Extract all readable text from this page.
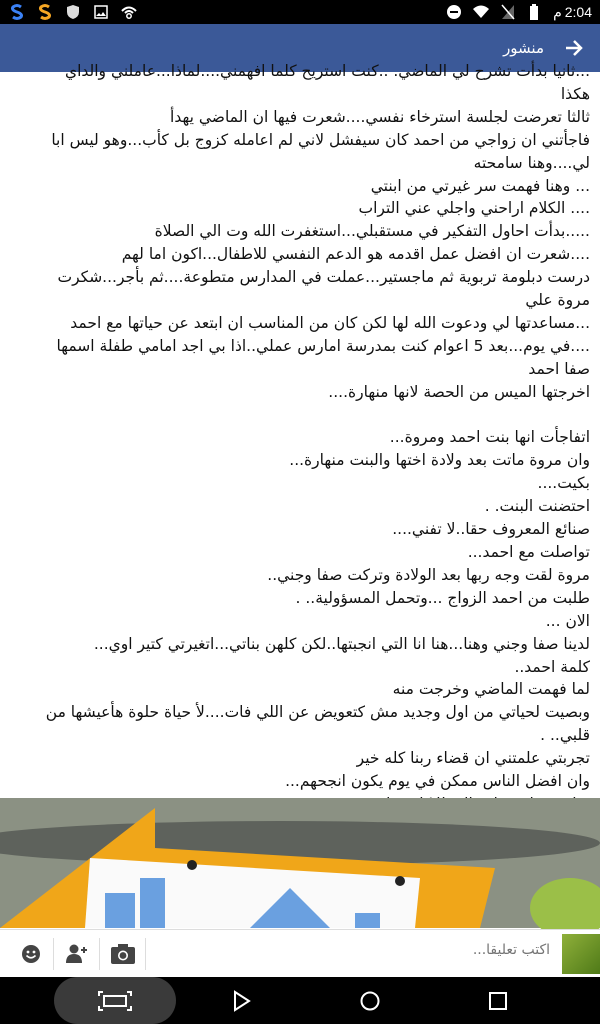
م 2:04
منشور
...ثانيا بدأت تشرح لي الماضي. ..كنت استريح كلما افهمني....لماذا...عاملني والداي هكذا
ثالثا تعرضت لجلسة استرخاء نفسي....شعرت فيها ان الماضي يهدأ
فاجأتني ان زواجي من احمد كان سيفشل لاني لم اعامله كزوج بل كأب...وهو ليس ابا لي....وهنا سامحته
... وهنا فهمت سر غيرتي من ابنتي
.... الكلام اراحني واجلي عني التراب
.....بدأت احاول التفكير في مستقبلي...استغفرت الله وت الي الصلاة
....شعرت ان افضل عمل اقدمه هو الدعم النفسي للاطفال...اكون اما لهم
درست دبلومة تربوية ثم ماجستير...عملت في المدارس متطوعة....ثم بأجر...شكرت مروة علي
...مساعدتها لي ودعوت الله لها لكن كان من المناسب ان ابتعد عن حياتها مع احمد
....في يوم...بعد 5 اعوام كنت بمدرسة امارس عملي..اذا بي اجد امامي طفلة اسمها صفا احمد
اخرجتها الميس من الحصة لانها منهارة....
اتفاجأت انها بنت احمد ومروة...
وان مروة ماتت بعد ولادة اختها والبنت منهارة...
بكيت....
احتضنت البنت. .
صنائع المعروف حقا..لا تفني....
تواصلت مع احمد...
مروة لقت وجه ربها بعد الولادة وتركت صفا وجني..
طلبت من احمد الزواج ...وتحمل المسؤولية.. .
الان ...
لدينا صفا وجني وهنا...هنا انا التي انجبتها..لكن كلهن بناتي...اتغيرتي كتير اوي...
كلمة احمد..
لما فهمت الماضي وخرجت منه
وبصيت لحياتي من اول وجديد مش كتعويض عن اللي فات....لأ حياة حلوة هأعيشها من قلبي.. .
تجربتي علمتني ان قضاء ربنا كله خير
وان افضل الناس ممكن في يوم يكون انجحهم...
اكتب تعليقا...
